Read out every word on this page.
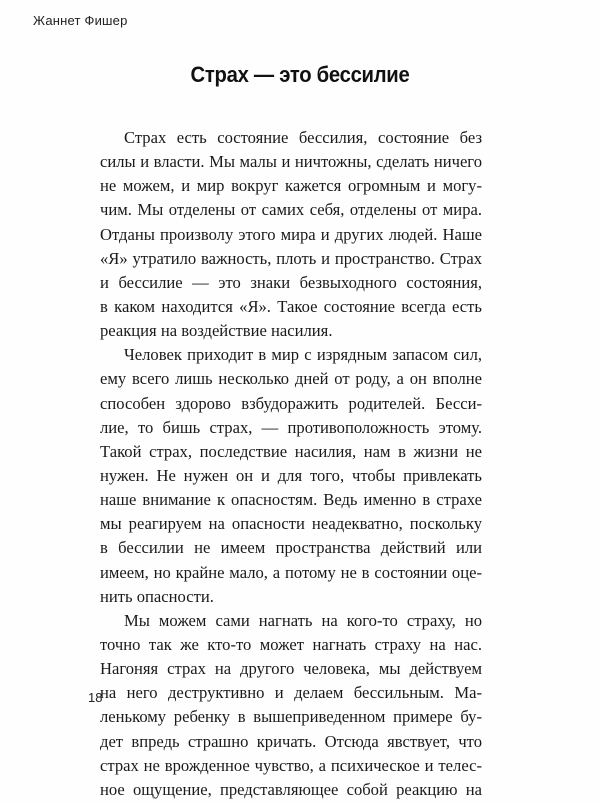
Жаннет Фишер
Страх — это бессилие
Страх есть состояние бессилия, состояние без
силы и власти. Мы малы и ничтожны, сделать ничего
не можем, и мир вокруг кажется огромным и могу-
чим. Мы отделены от самих себя, отделены от мира.
Отданы произволу этого мира и других людей. Наше
«Я» утратило важность, плоть и пространство. Страх
и бессилие — это знаки безвыходного состояния,
в каком находится «Я». Такое состояние всегда есть
реакция на воздействие насилия.
Человек приходит в мир с изрядным запасом сил,
ему всего лишь несколько дней от роду, а он вполне
способен здорово взбудоражить родителей. Бесси-
лие, то бишь страх, — противоположность этому.
Такой страх, последствие насилия, нам в жизни не
нужен. Не нужен он и для того, чтобы привлекать
наше внимание к опасностям. Ведь именно в страхе
мы реагируем на опасности неадекватно, поскольку
в бессилии не имеем пространства действий или
имеем, но крайне мало, а потому не в состоянии оце-
нить опасности.
Мы можем сами нагнать на кого-то страху, но
точно так же кто-то может нагнать страху на нас.
Нагоняя страх на другого человека, мы действуем
на него деструктивно и делаем бессильным. Ма-
ленькому ребенку в вышеприведенном примере бу-
дет впредь страшно кричать. Отсюда явствует, что
страх не врожденное чувство, а психическое и телес-
ное ощущение, представляющее собой реакцию на
18
